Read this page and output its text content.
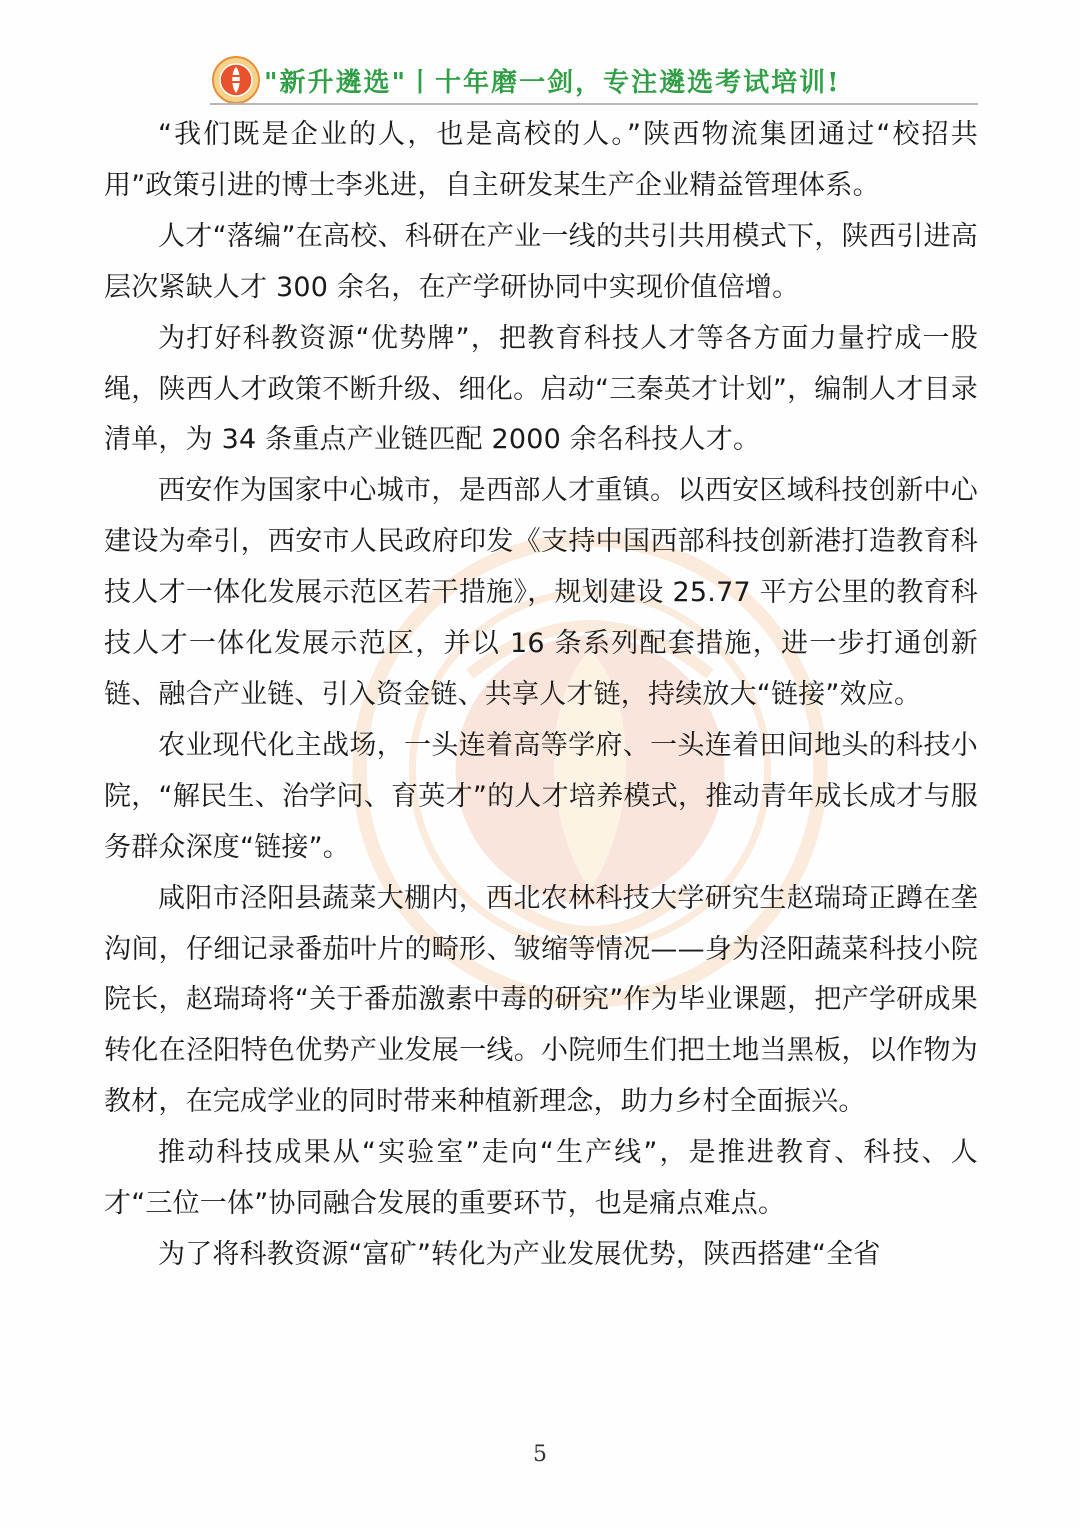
"新升遴选"丨十年磨一剑，专注遴选考试培训!

“我们既是企业的人，也是高校的人。”陕西物流集团通过“校招共用”政策引进的博士李兆进，自主研发某生产企业精益管理体系。

人才“落编”在高校、科研在产业一线的共引共用模式下，陕西引进高层次紧缺人才 300 余名，在产学研协同中实现价值倍增。

为打好科教资源“优势牌”，把教育科技人才等各方面力量拧成一股绳，陕西人才政策不断升级、细化。启动“三秦英才计划”，编制人才目录清单，为 34 条重点产业链匹配 2000 余名科技人才。

西安作为国家中心城市，是西部人才重镇。以西安区域科技创新中心建设为牵引，西安市人民政府印发《支持中国西部科技创新港打造教育科技人才一体化发展示范区若干措施》，规划建设 25.77 平方公里的教育科技人才一体化发展示范区，并以 16 条系列配套措施，进一步打通创新链、融合产业链、引入资金链、共享人才链，持续放大“链接”效应。

农业现代化主战场，一头连着高等学府、一头连着田间地头的科技小院，“解民生、治学问、育英才”的人才培养模式，推动青年成长成才与服务群众深度“链接”。

咸阳市泾阳县蔬菜大棚内，西北农林科技大学研究生赵瑞琦正蹲在垄沟间，仔细记录番茄叶片的畸形、皱缩等情况——身为泾阳蔬菜科技小院院长，赵瑞琦将“关于番茄激素中毒的研究”作为毕业课题，把产学研成果转化在泾阳特色优势产业发展一线。小院师生们把土地当黑板，以作物为教材，在完成学业的同时带来种植新理念，助力乡村全面振兴。

推动科技成果从“实验室”走向“生产线”，是推进教育、科技、人才“三位一体”协同融合发展的重要环节，也是痛点难点。

为了将科教资源“富矿”转化为产业发展优势，陕西搭建“全省

5
